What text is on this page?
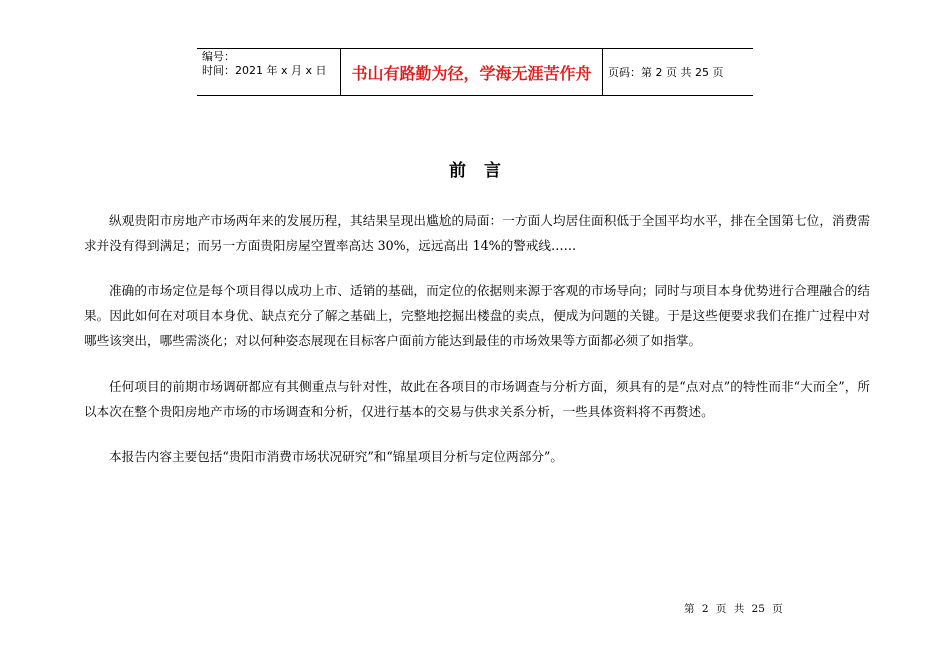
编号：
时间：2021 年 x 月 x 日	书山有路勤为径，学海无涯苦作舟	页码：第 2 页 共 25 页
前言

纵观贵阳市房地产市场两年来的发展历程，其结果呈现出尴尬的局面：一方面人均居住面积低于全国平均水平，排在全国第七位，消费需求并没有得到满足；而另一方面贵阳房屋空置率高达 30%，远远高出 14%的警戒线……

准确的市场定位是每个项目得以成功上市、适销的基础，而定位的依据则来源于客观的市场导向；同时与项目本身优势进行合理融合的结果。因此如何在对项目本身优、缺点充分了解之基础上，完整地挖掘出楼盘的卖点，便成为问题的关键。于是这些便要求我们在推广过程中对哪些该突出，哪些需淡化；对以何种姿态展现在目标客户面前方能达到最佳的市场效果等方面都必须了如指掌。

任何项目的前期市场调研都应有其侧重点与针对性，故此在各项目的市场调查与分析方面，须具有的是“点对点”的特性而非“大而全”，所以本次在整个贵阳房地产市场的市场调查和分析，仅进行基本的交易与供求关系分析，一些具体资料将不再赘述。

本报告内容主要包括“贵阳市消费市场状况研究”和“锦星项目分析与定位两部分”。

第 2 页 共 25 页
